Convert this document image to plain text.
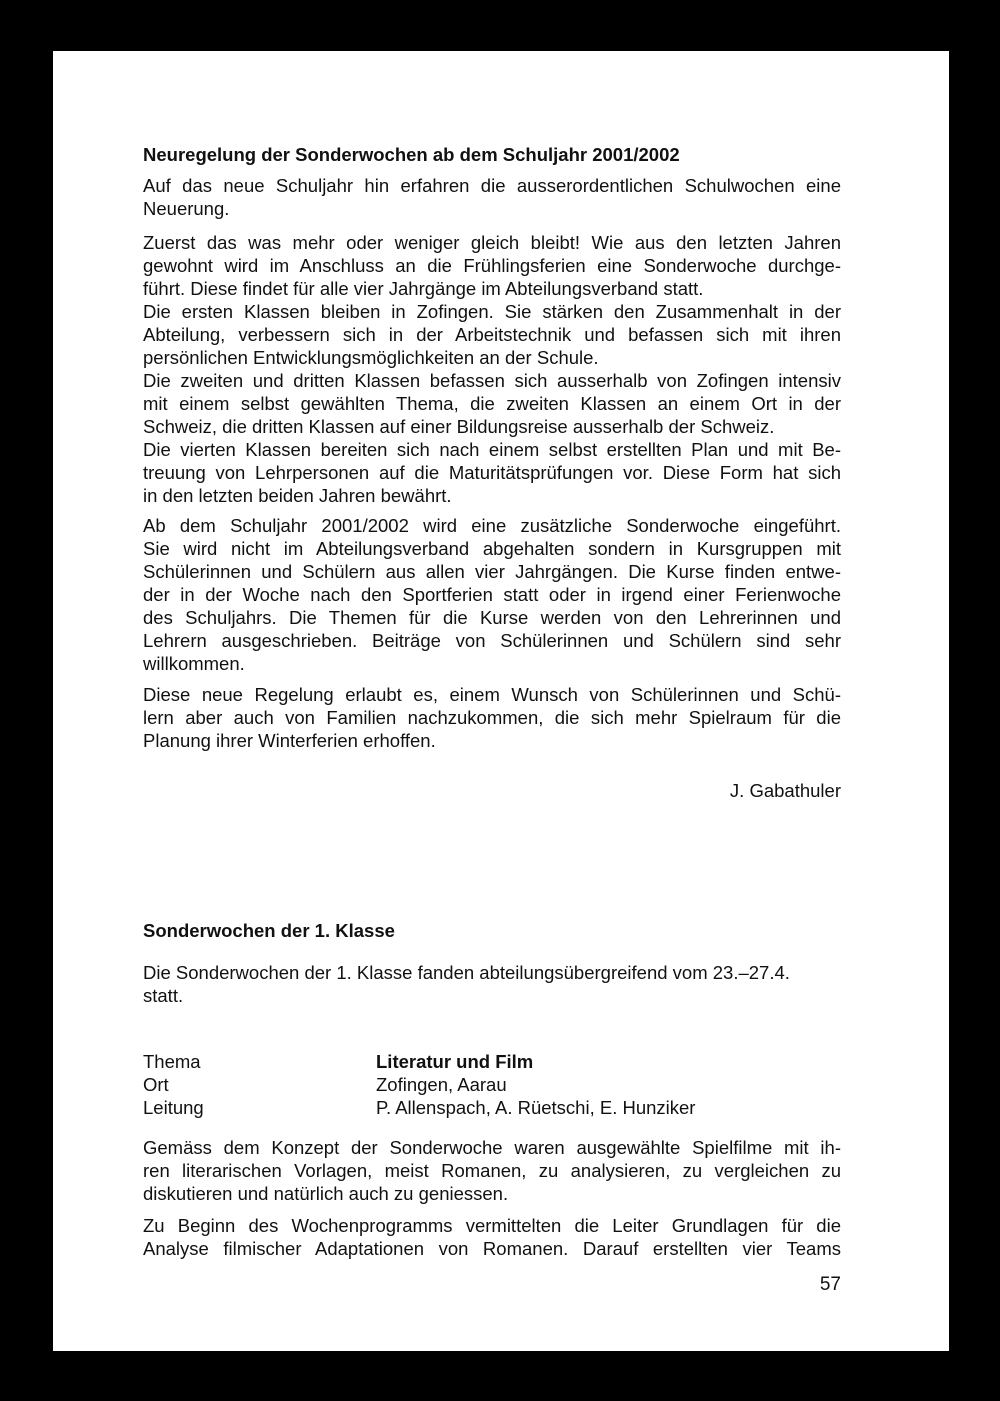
Neuregelung der Sonderwochen ab dem Schuljahr 2001/2002

Auf das neue Schuljahr hin erfahren die ausserordentlichen Schulwochen eine
Neuerung.

Zuerst das was mehr oder weniger gleich bleibt! Wie aus den letzten Jahren
gewohnt wird im Anschluss an die Frühlingsferien eine Sonderwoche durchge-
führt. Diese findet für alle vier Jahrgänge im Abteilungsverband statt.
Die ersten Klassen bleiben in Zofingen. Sie stärken den Zusammenhalt in der
Abteilung, verbessern sich in der Arbeitstechnik und befassen sich mit ihren
persönlichen Entwicklungsmöglichkeiten an der Schule.
Die zweiten und dritten Klassen befassen sich ausserhalb von Zofingen intensiv
mit einem selbst gewählten Thema, die zweiten Klassen an einem Ort in der
Schweiz, die dritten Klassen auf einer Bildungsreise ausserhalb der Schweiz.
Die vierten Klassen bereiten sich nach einem selbst erstellten Plan und mit Be-
treuung von Lehrpersonen auf die Maturitätsprüfungen vor. Diese Form hat sich
in den letzten beiden Jahren bewährt.

Ab dem Schuljahr 2001/2002 wird eine zusätzliche Sonderwoche eingeführt.
Sie wird nicht im Abteilungsverband abgehalten sondern in Kursgruppen mit
Schülerinnen und Schülern aus allen vier Jahrgängen. Die Kurse finden entwe-
der in der Woche nach den Sportferien statt oder in irgend einer Ferienwoche
des Schuljahrs. Die Themen für die Kurse werden von den Lehrerinnen und
Lehrern ausgeschrieben. Beiträge von Schülerinnen und Schülern sind sehr
willkommen.

Diese neue Regelung erlaubt es, einem Wunsch von Schülerinnen und Schü-
lern aber auch von Familien nachzukommen, die sich mehr Spielraum für die
Planung ihrer Winterferien erhoffen.

J. Gabathuler
Sonderwochen der 1. Klasse

Die Sonderwochen der 1. Klasse fanden abteilungsübergreifend vom 23.–27.4.
statt.

Thema	Literatur und Film
Ort	Zofingen, Aarau
Leitung	P. Allenspach, A. Rüetschi, E. Hunziker

Gemäss dem Konzept der Sonderwoche waren ausgewählte Spielfilme mit ih-
ren literarischen Vorlagen, meist Romanen, zu analysieren, zu vergleichen zu
diskutieren und natürlich auch zu geniessen.

Zu Beginn des Wochenprogramms vermittelten die Leiter Grundlagen für die
Analyse filmischer Adaptationen von Romanen. Darauf erstellten vier Teams

57
